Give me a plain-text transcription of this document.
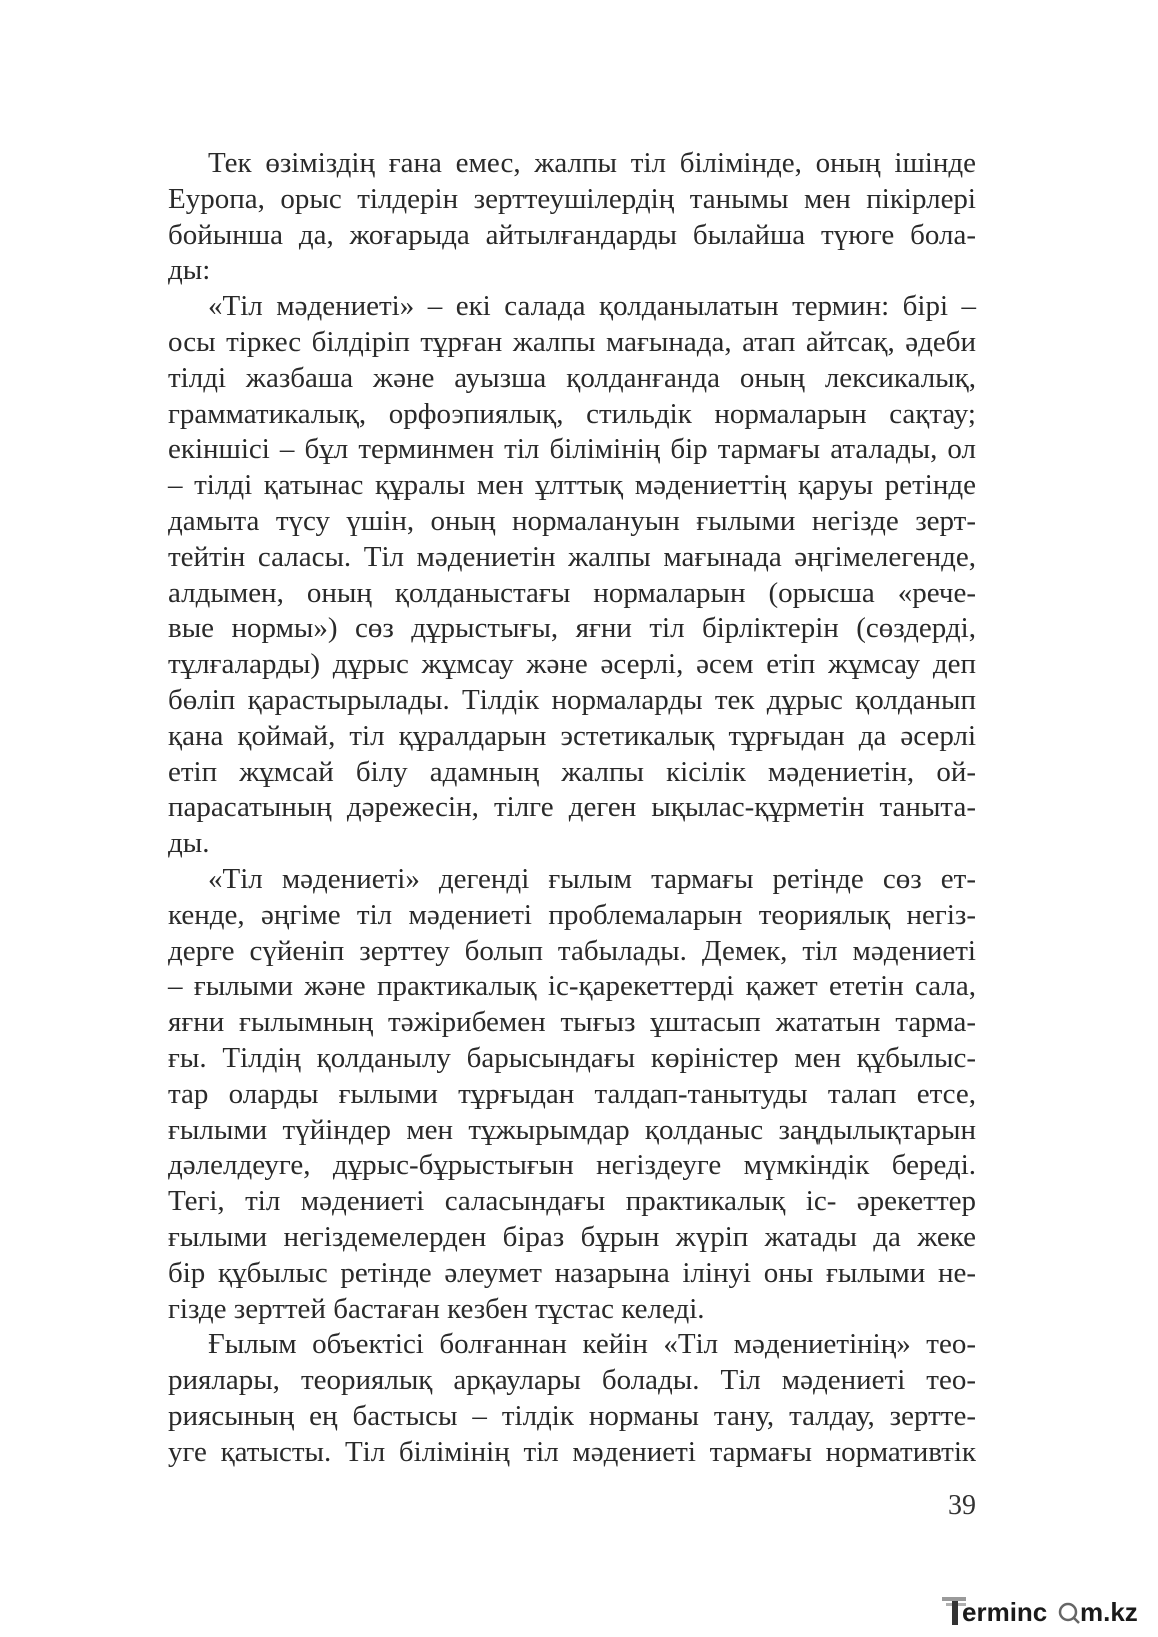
Тек өзіміздің ғана емес, жалпы тіл білімінде, оның ішінде
Еуропа, орыс тілдерін зерттеушілердің танымы мен пікірлері
бойынша да, жоғарыда айтылғандарды былайша түюге бола-
ды:
«Тіл мәдениеті» – екі салада қолданылатын термин: бірі –
осы тіркес білдіріп тұрған жалпы мағынада, атап айтсақ, әдеби
тілді жазбаша және ауызша қолданғанда оның лексикалық,
грамматикалық, орфоэпиялық, стильдік нормаларын сақтау;
екіншісі – бұл терминмен тіл білімінің бір тармағы аталады, ол
– тілді қатынас құралы мен ұлттық мәдениеттің қаруы ретінде
дамыта түсу үшін, оның нормалануын ғылыми негізде зерт-
тейтін саласы. Тіл мәдениетін жалпы мағынада әңгімелегенде,
алдымен, оның қолданыстағы нормаларын (орысша «рече-
вые нормы») сөз дұрыстығы, яғни тіл бірліктерін (сөздерді,
тұлғаларды) дұрыс жұмсау және әсерлі, әсем етіп жұмсау деп
бөліп қарастырылады. Тілдік нормаларды тек дұрыс қолданып
қана қоймай, тіл құралдарын эстетикалық тұрғыдан да әсерлі
етіп жұмсай білу адамның жалпы кісілік мәдениетін, ой-
парасатының дәрежесін, тілге деген ықылас-құрметін таныта-
ды.
«Тіл мәдениеті» дегенді ғылым тармағы ретінде сөз ет-
кенде, әңгіме тіл мәдениеті проблемаларын теориялық негіз-
дерге сүйеніп зерттеу болып табылады. Демек, тіл мәдениеті
– ғылыми және практикалық іс-қарекеттерді қажет ететін сала,
яғни ғылымның тәжірибемен тығыз ұштасып жататын тарма-
ғы. Тілдің қолданылу барысындағы көріністер мен құбылыс-
тар оларды ғылыми тұрғыдан талдап-танытуды талап етсе,
ғылыми түйіндер мен тұжырымдар қолданыс заңдылықтарын
дәлелдеуге, дұрыс-бұрыстығын негіздеуге мүмкіндік береді.
Тегі, тіл мәдениеті саласындағы практикалық іс- әрекеттер
ғылыми негіздемелерден біраз бұрын жүріп жатады да жеке
бір құбылыс ретінде әлеумет назарына ілінуі оны ғылыми не-
гізде зерттей бастаған кезбен тұстас келеді.
Ғылым объектісі болғаннан кейін «Тіл мәдениетінің» тео-
риялары, теориялық арқаулары болады. Тіл мәдениеті тео-
риясының ең бастысы – тілдік норманы тану, талдау, зертте-
уге қатысты. Тіл білімінің тіл мәдениеті тармағы нормативтік
39
erminc m.kz
